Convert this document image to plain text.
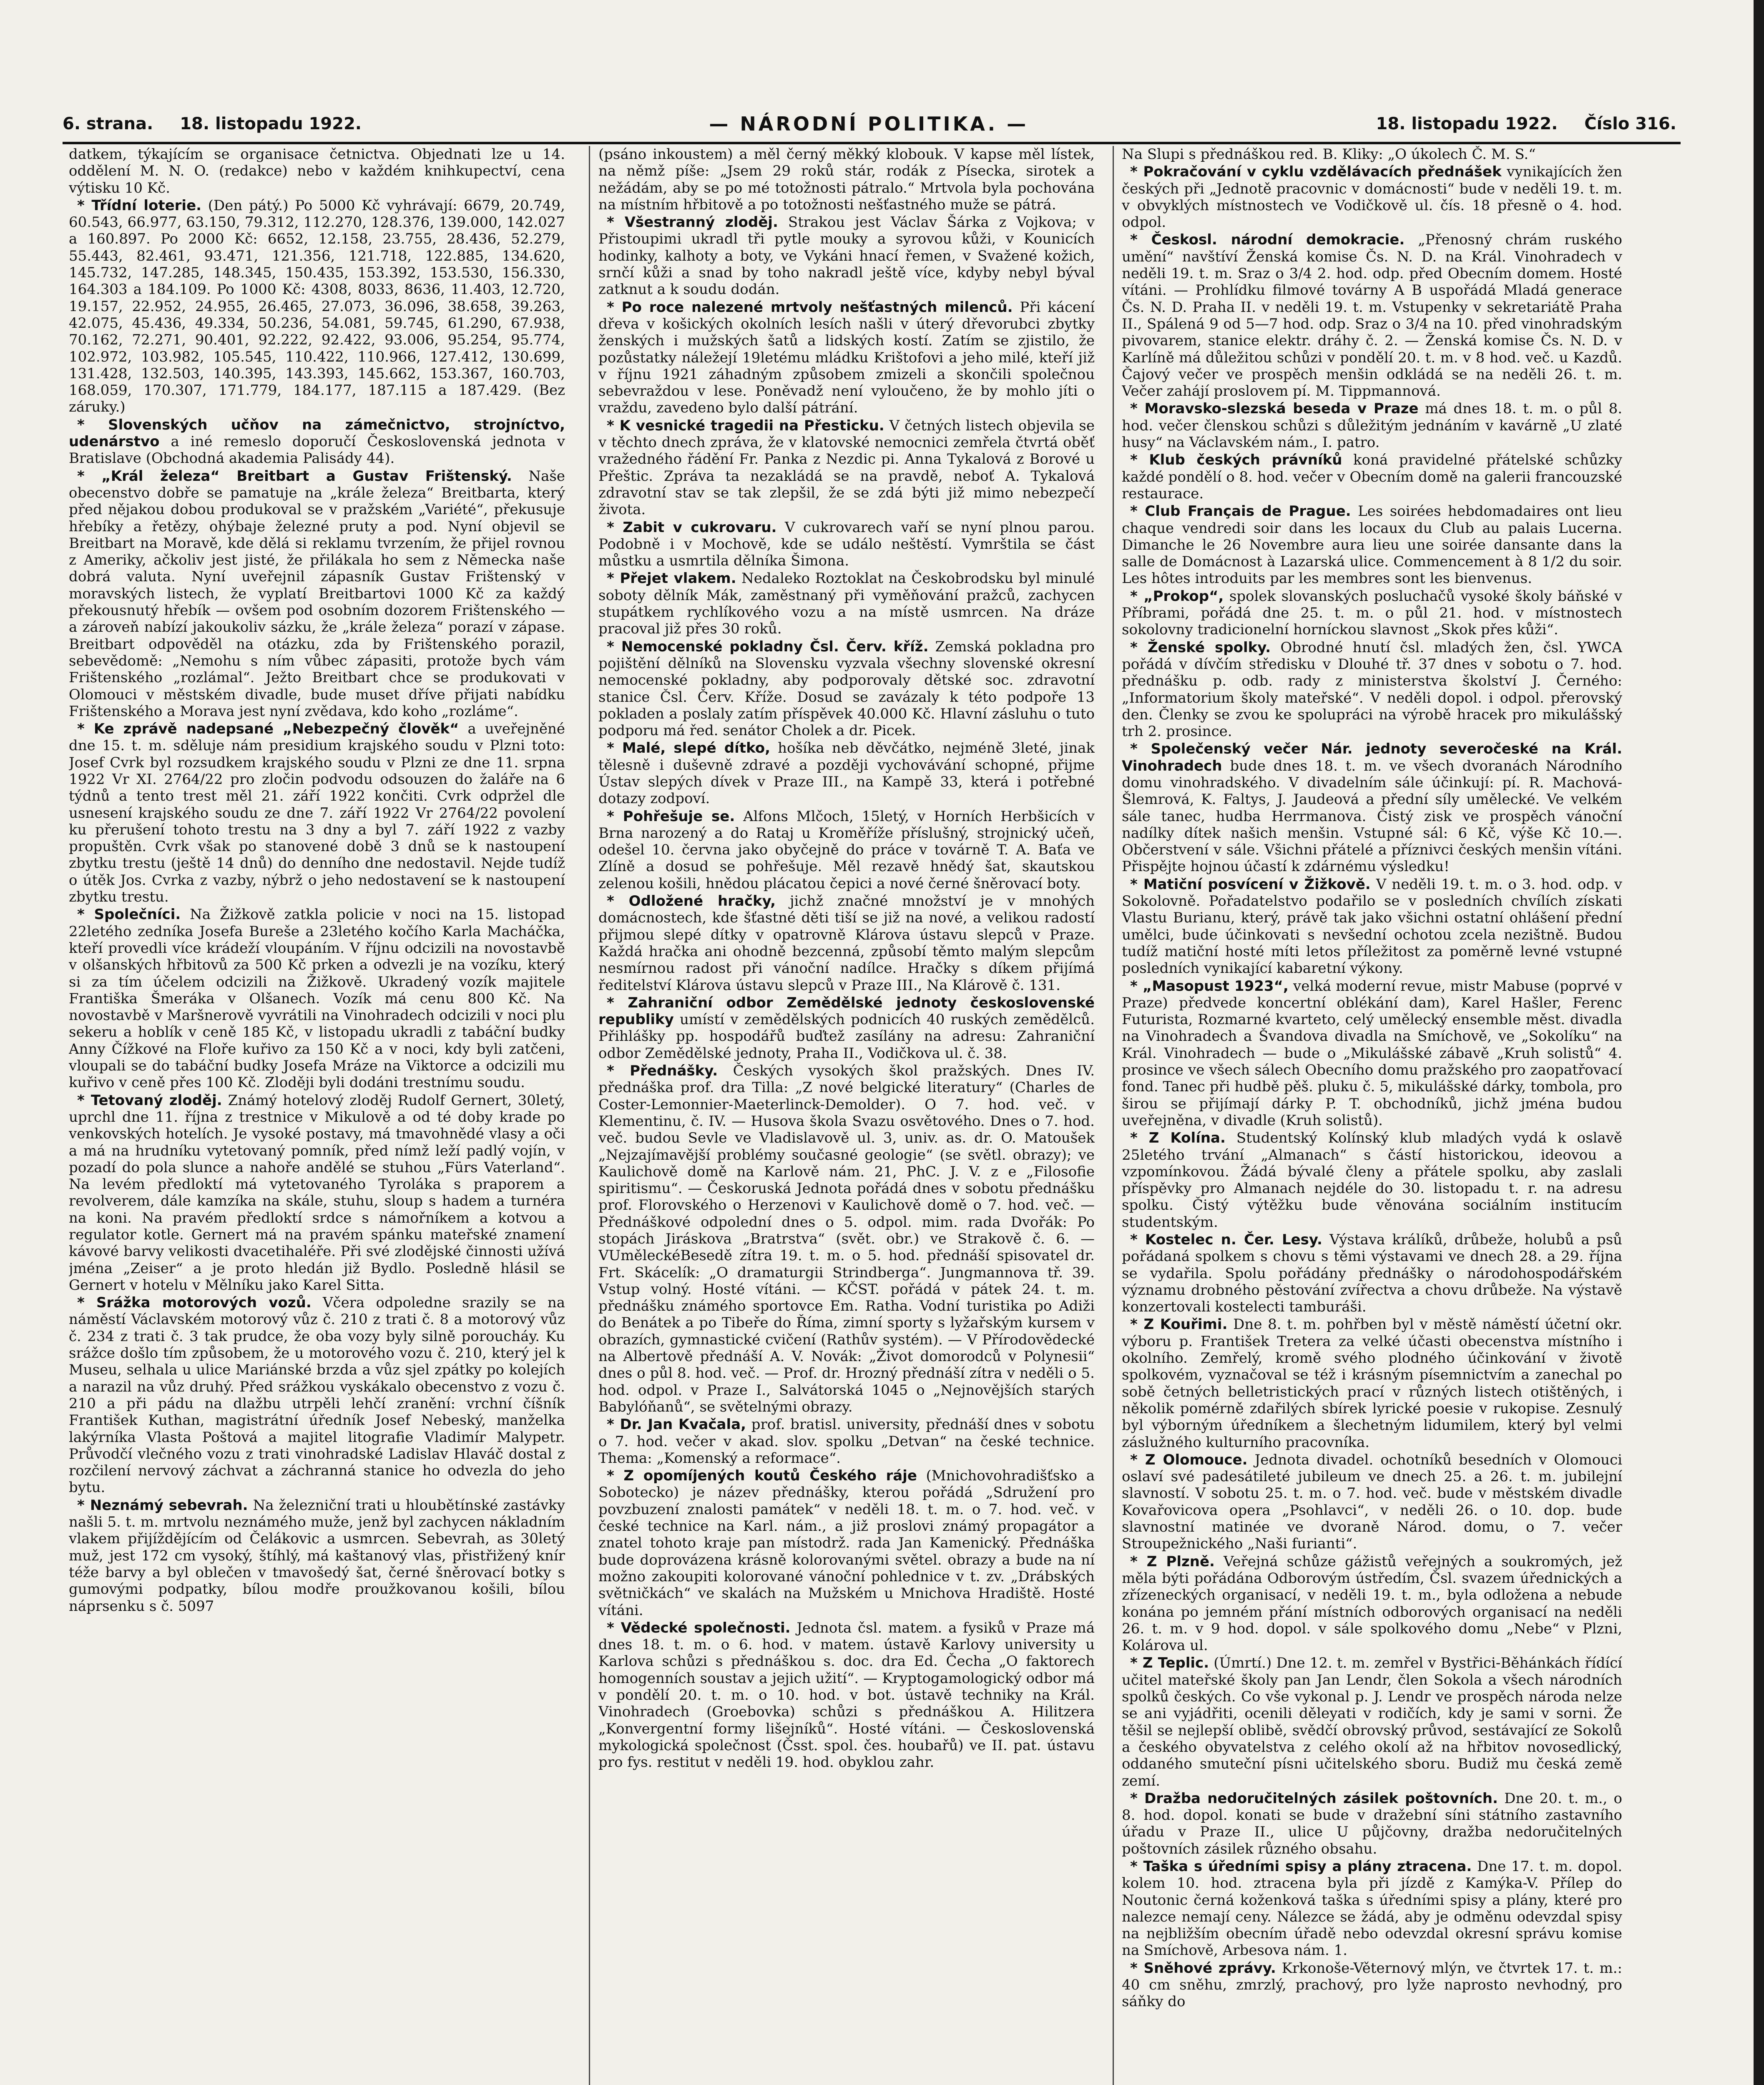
6. strana. 18. listopadu 1922.	— NÁRODNÍ POLITIKA. —	18. listopadu 1922. Číslo 316.

datkem, týkajícím se organisace četnictva. Objednati lze u 14. oddělení M. N. O. (redakce) nebo v každém knihkupectví, cena výtisku 10 Kč.

* Třídní loterie. (Den pátý.) Po 5000 Kč vyhrávají: 6679, 20.749, 60.543, 66.977, 63.150, 79.312, 112.270, 128.376, 139.000, 142.027 a 160.897. Po 2000 Kč: 6652, 12.158, 23.755, 28.436, 52.279, 55.443, 82.461, 93.471, 121.356, 121.718, 122.885, 134.620, 145.732, 147.285, 148.345, 150.435, 153.392, 153.530, 156.330, 164.303 a 184.109. Po 1000 Kč: 4308, 8033, 8636, 11.403, 12.720, 19.157, 22.952, 24.955, 26.465, 27.073, 36.096, 38.658, 39.263, 42.075, 45.436, 49.334, 50.236, 54.081, 59.745, 61.290, 67.938, 70.162, 72.271, 90.401, 92.222, 92.422, 93.006, 95.254, 95.774, 102.972, 103.982, 105.545, 110.422, 110.966, 127.412, 130.699, 131.428, 132.503, 140.395, 143.393, 145.662, 153.367, 160.703, 168.059, 170.307, 171.779, 184.177, 187.115 a 187.429. (Bez záruky.)

* Slovenských učňov na zámečnictvo, strojníctvo, udenárstvo a iné remeslo doporučí Československá jednota v Bratislave (Obchodná akademia Palisády 44).

* „Král železa“ Breitbart a Gustav Frištenský. Naše obecenstvo dobře se pamatuje na „krále železa“ Breitbarta, který před nějakou dobou produkoval se v pražském „Variété“, překusuje hřebíky a řetězy, ohýbaje železné pruty a pod. Nyní objevil se Breitbart na Moravě, kde dělá si reklamu tvrzením, že přijel rovnou z Ameriky, ačkoliv jest jisté, že přilákala ho sem z Německa naše dobrá valuta. Nyní uveřejnil zápasník Gustav Frištenský v moravských listech, že vyplatí Breitbartovi 1000 Kč za každý překousnutý hřebík — ovšem pod osobním dozorem Frištenského — a zároveň nabízí jakoukoliv sázku, že „krále železa“ porazí v zápase. Breitbart odpověděl na otázku, zda by Frištenského porazil, sebevědomě: „Nemohu s ním vůbec zápasiti, protože bych vám Frištenského „rozlámal“. Ježto Breitbart chce se produkovati v Olomouci v městském divadle, bude muset dříve přijati nabídku Frištenského a Morava jest nyní zvědava, kdo koho „rozláme“.

* Ke zprávě nadepsané „Nebezpečný člověk“ a uveřejněné dne 15. t. m. sděluje nám presidium krajského soudu v Plzni toto: Josef Cvrk byl rozsudkem krajského soudu v Plzni ze dne 11. srpna 1922 Vr XI. 2764/22 pro zločin podvodu odsouzen do žaláře na 6 týdnů a tento trest měl 21. září 1922 končiti. Cvrk odpržel dle usnesení krajského soudu ze dne 7. září 1922 Vr 2764/22 povolení ku přerušení tohoto trestu na 3 dny a byl 7. září 1922 z vazby propuštěn. Cvrk však po stanovené době 3 dnů se k nastoupení zbytku trestu (ještě 14 dnů) do denního dne nedostavil. Nejde tudíž o útěk Jos. Cvrka z vazby, nýbrž o jeho nedostavení se k nastoupení zbytku trestu.

* Společníci. Na Žižkově zatkla policie v noci na 15. listopad 22letého zedníka Josefa Bureše a 23letého kočího Karla Macháčka, kteří provedli více krádeží vloupáním. V říjnu odcizili na novostavbě v olšanských hřbitovů za 500 Kč prken a odvezli je na vozíku, který si za tím účelem odcizili na Žižkově. Ukradený vozík majitele Františka Šmeráka v Olšanech. Vozík má cenu 800 Kč. Na novostavbě v Maršnerově vyvrátili na Vinohradech odcizili v noci plu sekeru a hoblík v ceně 185 Kč, v listopadu ukradli z tabáční budky Anny Čížkové na Floře kuřivo za 150 Kč a v noci, kdy byli zatčeni, vloupali se do tabáční budky Josefa Mráze na Viktorce a odcizili mu kuřivo v ceně přes 100 Kč. Zloději byli dodáni trestnímu soudu.

* Tetovaný zloděj. Známý hotelový zloděj Rudolf Gernert, 30letý, uprchl dne 11. října z trestnice v Mikulově a od té doby krade po venkovských hotelích. Je vysoké postavy, má tmavohnědé vlasy a oči a má na hrudníku vytetovaný pomník, před nímž leží padlý vojín, v pozadí do pola slunce a nahoře andělé se stuhou „Fürs Vaterland“. Na levém předloktí má vytetovaného Tyroláka s praporem a revolverem, dále kamzíka na skále, stuhu, sloup s hadem a turnéra na koni. Na pravém předloktí srdce s námořníkem a kotvou a regulator kotle. Gernert má na pravém spánku mateřské znamení kávové barvy velikosti dvacetihaléře. Při své zlodějské činnosti užívá jména „Zeiser“ a je proto hledán již Bydlo. Posledně hlásil se Gernert v hotelu v Mělníku jako Karel Sitta.

* Srážka motorových vozů. Včera odpoledne srazily se na náměstí Václavském motorový vůz č. 210 z trati č. 8 a motorový vůz č. 234 z trati č. 3 tak prudce, že oba vozy byly silně poroucháy. Ku srážce došlo tím způsobem, že u motorového vozu č. 210, který jel k Museu, selhala u ulice Mariánské brzda a vůz sjel zpátky po kolejích a narazil na vůz druhý. Před srážkou vyskákalo obecenstvo z vozu č. 210 a při pádu na dlažbu utrpěli lehčí zranění: vrchní číšník František Kuthan, magistrátní úředník Josef Nebeský, manželka lakýrníka Vlasta Poštová a majitel litografie Vladimír Malypetr. Průvodčí vlečného vozu z trati vinohradské Ladislav Hlaváč dostal z rozčilení nervový záchvat a záchranná stanice ho odvezla do jeho bytu.

* Neznámý sebevrah. Na železniční trati u hloubětínské zastávky našli 5. t. m. mrtvolu neznámého muže, jenž byl zachycen nákladním vlakem přijíždějícím od Čelákovic a usmrcen. Sebevrah, as 30letý muž, jest 172 cm vysoký, štíhlý, má kaštanový vlas, přistřižený knír téže barvy a byl oblečen v tmavošedý šat, černé šněrovací botky s gumovými podpatky, bílou modře proužkovanou košili, bílou náprsenku s č. 5097

(psáno inkoustem) a měl černý měkký klobouk. V kapse měl lístek, na němž píše: „Jsem 29 roků stár, rodák z Písecka, sirotek a nežádám, aby se po mé totožnosti pátralo.“ Mrtvola byla pochována na místním hřbitově a po totožnosti nešťastného muže se pátrá.

* Všestranný zloděj. Strakou jest Václav Šárka z Vojkova; v Přistoupimi ukradl tři pytle mouky a syrovou kůži, v Kounicích hodinky, kalhoty a boty, ve Vykáni hnací řemen, v Svažené kožich, srnčí kůži a snad by toho nakradl ještě více, kdyby nebyl býval zatknut a k soudu dodán.

* Po roce nalezené mrtvoly nešťastných milenců. Při kácení dřeva v košických okolních lesích našli v úterý dřevorubci zbytky ženských i mužských šatů a lidských kostí. Zatím se zjistilo, že pozůstatky náležejí 19letému mládku Krištofovi a jeho milé, kteří již v říjnu 1921 záhadným způsobem zmizeli a skončili společnou sebevraždou v lese. Poněvadž není vyloučeno, že by mohlo jíti o vraždu, zavedeno bylo další pátrání.

* K vesnické tragedii na Přesticku. V četných listech objevila se v těchto dnech zpráva, že v klatovské nemocnici zemřela čtvrtá oběť vražedného řádění Fr. Panka z Nezdic pi. Anna Tykalová z Borové u Přeštic. Zpráva ta nezakládá se na pravdě, neboť A. Tykalová zdravotní stav se tak zlepšil, že se zdá býti již mimo nebezpečí života.

* Zabit v cukrovaru. V cukrovarech vaří se nyní plnou parou. Podobně i v Mochově, kde se událo neštěstí. Vymrštila se část můstku a usmrtila dělníka Šimona.

* Přejet vlakem. Nedaleko Roztoklat na Českobrodsku byl minulé soboty dělník Mák, zaměstnaný při vyměňování pražců, zachycen stupátkem rychlíkového vozu a na místě usmrcen. Na dráze pracoval již přes 30 roků.

* Nemocenské pokladny Čsl. Červ. kříž. Zemská pokladna pro pojištění dělníků na Slovensku vyzvala všechny slovenské okresní nemocenské pokladny, aby podporovaly dětské soc. zdravotní stanice Čsl. Červ. Kříže. Dosud se zavázaly k této podpoře 13 pokladen a poslaly zatím příspěvek 40.000 Kč. Hlavní zásluhu o tuto podporu má řed. senátor Cholek a dr. Picek.

* Malé, slepé dítko, hošíka neb děvčátko, nejméně 3leté, jinak tělesně i duševně zdravé a později vychovávání schopné, přijme Ústav slepých dívek v Praze III., na Kampě 33, která i potřebné dotazy zodpoví.

* Pohřešuje se. Alfons Mlčoch, 15letý, v Horních Herbšicích v Brna narozený a do Rataj u Kroměříže příslušný, strojnický učeň, odešel 10. června jako obyčejně do práce v továrně T. A. Baťa ve Zlíně a dosud se pohřešuje. Měl rezavě hnědý šat, skautskou zelenou košili, hnědou plácatou čepici a nové černé šněrovací boty.

* Odložené hračky, jichž značné množství je v mnohých domácnostech, kde šťastné děti tiší se již na nové, a velikou radostí přijmou slepé dítky v opatrovně Klárova ústavu slepců v Praze. Každá hračka ani ohodně bezcenná, způsobí těmto malým slepcům nesmírnou radost při vánoční nadílce. Hračky s díkem přijímá ředitelství Klárova ústavu slepců v Praze III., Na Klárově č. 131.

* Zahraniční odbor Zemědělské jednoty československé republiky umístí v zemědělských podnicích 40 ruských zemědělců. Přihlášky pp. hospodářů buďtež zasílány na adresu: Zahraniční odbor Zemědělské jednoty, Praha II., Vodičkova ul. č. 38.

* Přednášky. Českých vysokých škol pražských. Dnes IV. přednáška prof. dra Tilla: „Z nové belgické literatury“ (Charles de Coster-Lemonnier-Maeterlinck-Demolder). O 7. hod. več. v Klementinu, č. IV. — Husova škola Svazu osvětového. Dnes o 7. hod. več. budou Sevle ve Vladislavově ul. 3, univ. as. dr. O. Matoušek „Nejzajímavější problémy současné geologie“ (se světl. obrazy); ve Kaulichově domě na Karlově nám. 21, PhC. J. V. z e „Filosofie spiritismu“. — Českoruská Jednota pořádá dnes v sobotu přednášku prof. Florovského o Herzenovi v Kaulichově domě o 7. hod. več. — Přednáškové odpolední dnes o 5. odpol. mim. rada Dvořák: Po stopách Jiráskova „Bratrstva“ (svět. obr.) ve Strakově č. 6. — VUměleckéBesedě zítra 19. t. m. o 5. hod. přednáší spisovatel dr. Frt. Skácelík: „O dramaturgii Strindberga“. Jungmannova tř. 39. Vstup volný. Hosté vítáni. — KČST. pořádá v pátek 24. t. m. přednášku známého sportovce Em. Ratha. Vodní turistika po Adiži do Benátek a po Tibeře do Říma, zimní sporty s lyžařským kursem v obrazích, gymnastické cvičení (Rathův systém). — V Přírodovědecké na Albertově přednáší A. V. Novák: „Život domorodců v Polynesii“ dnes o půl 8. hod. več. — Prof. dr. Hrozný přednáší zítra v neděli o 5. hod. odpol. v Praze I., Salvátorská 1045 o „Nejnovějších starých Babylóňanů“, se světelnými obrazy.

* Dr. Jan Kvačala, prof. bratisl. university, přednáší dnes v sobotu o 7. hod. večer v akad. slov. spolku „Detvan“ na české technice. Thema: „Komenský a reformace“.

* Z opomíjených koutů Českého ráje (Mnichovohradišťsko a Sobotecko) je název přednášky, kterou pořádá „Sdružení pro povzbuzení znalosti památek“ v neděli 18. t. m. o 7. hod. več. v české technice na Karl. nám., a již proslovi známý propagátor a znatel tohoto kraje pan místodrž. rada Jan Kamenický. Přednáška bude doprovázena krásně kolorovanými světel. obrazy a bude na ní možno zakoupiti kolorované vánoční pohlednice v t. zv. „Drábských světničkách“ ve skalách na Mužském u Mnichova Hradiště. Hosté vítáni.

* Vědecké společnosti. Jednota čsl. matem. a fysiků v Praze má dnes 18. t. m. o 6. hod. v matem. ústavě Karlovy university u Karlova schůzi s přednáškou s. doc. dra Ed. Čecha „O faktorech homogenních soustav a jejich užití“. — Kryptogamologický odbor má v pondělí 20. t. m. o 10. hod. v bot. ústavě techniky na Král. Vinohradech (Groebovka) schůzi s přednáškou A. Hilitzera „Konvergentní formy lišejníků“. Hosté vítáni. — Československá mykologická společnost (Čsst. spol. čes. houbařů) ve II. pat. ústavu pro fys. restitut v neděli 19. hod. obyklou zahr.

Na Slupi s přednáškou red. B. Kliky: „O úkolech Č. M. S.“

* Pokračování v cyklu vzdělávacích přednášek vynikajících žen českých při „Jednotě pracovnic v domácnosti“ bude v neděli 19. t. m. v obvyklých místnostech ve Vodičkově ul. čís. 18 přesně o 4. hod. odpol.

* Českosl. národní demokracie. „Přenosný chrám ruského umění“ navštíví Ženská komise Čs. N. D. na Král. Vinohradech v neděli 19. t. m. Sraz o 3/4 2. hod. odp. před Obecním domem. Hosté vítáni. — Prohlídku filmové továrny A B uspořádá Mladá generace Čs. N. D. Praha II. v neděli 19. t. m. Vstupenky v sekretariátě Praha II., Spálená 9 od 5—7 hod. odp. Sraz o 3/4 na 10. před vinohradským pivovarem, stanice elektr. dráhy č. 2. — Ženská komise Čs. N. D. v Karlíně má důležitou schůzi v pondělí 20. t. m. v 8 hod. več. u Kazdů. Čajový večer ve prospěch menšin odkládá se na neděli 26. t. m. Večer zahájí proslovem pí. M. Tippmannová.

* Moravsko-slezská beseda v Praze má dnes 18. t. m. o půl 8. hod. večer členskou schůzi s důležitým jednáním v kavárně „U zlaté husy“ na Václavském nám., I. patro.

* Klub českých právníků koná pravidelné přátelské schůzky každé pondělí o 8. hod. večer v Obecním domě na galerii francouzské restaurace.

* Club Français de Prague. Les soirées hebdomadaires ont lieu chaque vendredi soir dans les locaux du Club au palais Lucerna. Dimanche le 26 Novembre aura lieu une soirée dansante dans la salle de Domácnost à Lazarská ulice. Commencement à 8 1/2 du soir. Les hôtes introduits par les membres sont les bienvenus.

* „Prokop“, spolek slovanských posluchačů vysoké školy báňské v Příbrami, pořádá dne 25. t. m. o půl 21. hod. v místnostech sokolovny tradicionelní horníckou slavnost „Skok přes kůži“.

* Ženské spolky. Obrodné hnutí čsl. mladých žen, čsl. YWCA pořádá v dívčím středisku v Dlouhé tř. 37 dnes v sobotu o 7. hod. přednášku p. odb. rady z ministerstva školství J. Černého: „Informatorium školy mateřské“. V neděli dopol. i odpol. přerovský den. Členky se zvou ke spolupráci na výrobě hracek pro mikulášský trh 2. prosince.

* Společenský večer Nár. jednoty severočeské na Král. Vinohradech bude dnes 18. t. m. ve všech dvoranách Národního domu vinohradského. V divadelním sále účinkují: pí. R. Machová-Šlemrová, K. Faltys, J. Jaudeová a přední síly umělecké. Ve velkém sále tanec, hudba Herrmanova. Čistý zisk ve prospěch vánoční nadílky dítek našich menšin. Vstupné sál: 6 Kč, výše Kč 10.—. Občerstvení v sále. Všichni přátelé a příznivci českých menšin vítáni. Přispějte hojnou účastí k zdárnému výsledku!

* Matiční posvícení v Žižkově. V neděli 19. t. m. o 3. hod. odp. v Sokolovně. Pořadatelstvo podařilo se v posledních chvílích získati Vlastu Burianu, který, právě tak jako všichni ostatní ohlášení přední umělci, bude účinkovati s nevšední ochotou zcela nezištně. Budou tudíž matiční hosté míti letos příležitost za poměrně levné vstupné posledních vynikající kabaretní výkony.

* „Masopust 1923“, velká moderní revue, mistr Mabuse (poprvé v Praze) předvede koncertní oblékání dam), Karel Hašler, Ferenc Futurista, Rozmarné kvarteto, celý umělecký ensemble měst. divadla na Vinohradech a Švandova divadla na Smíchově, ve „Sokolíku“ na Král. Vinohradech — bude o „Mikulášské zábavě „Kruh solistů“ 4. prosince ve všech sálech Obecního domu pražského pro zaopatřovací fond. Tanec při hudbě pěš. pluku č. 5, mikulášské dárky, tombola, pro širou se přijímají dárky P. T. obchodníků, jichž jména budou uveřejněna, v divadle (Kruh solistů).

* Z Kolína. Studentský Kolínský klub mladých vydá k oslavě 25letého trvání „Almanach“ s částí historickou, ideovou a vzpomínkovou. Žádá bývalé členy a přátele spolku, aby zaslali příspěvky pro Almanach nejdéle do 30. listopadu t. r. na adresu spolku. Čistý výtěžku bude věnována sociálním institucím studentským.

* Kostelec n. Čer. Lesy. Výstava králíků, drůbeže, holubů a psů pořádaná spolkem s chovu s těmi výstavami ve dnech 28. a 29. října se vydařila. Spolu pořádány přednášky o národohospodářském významu drobného pěstování zvířectva a chovu drůbeže. Na výstavě konzertovali kostelecti tamburáši.

* Z Kouřimi. Dne 8. t. m. pohřben byl v městě náměstí účetní okr. výboru p. František Tretera za velké účasti obecenstva místního i okolního. Zemřelý, kromě svého plodného účinkování v životě spolkovém, vyznačoval se též i krásným písemnictvím a zanechal po sobě četných belletristických prací v různých listech otištěných, i několik pomérně zdařilých sbírek lyrické poesie v rukopise. Zesnulý byl výborným úředníkem a šlechetným lidumilem, který byl velmi záslužného kulturního pracovníka.

* Z Olomouce. Jednota divadel. ochotníků besedních v Olomouci oslaví své padesátileté jubileum ve dnech 25. a 26. t. m. jubilejní slavností. V sobotu 25. t. m. o 7. hod. več. bude v městském divadle Kovařovicova opera „Psohlavci“, v neděli 26. o 10. dop. bude slavnostní matinée ve dvoraně Národ. domu, o 7. večer Stroupežnického „Naši furianti“.

* Z Plzně. Veřejná schůze gážistů veřejných a soukromých, jež měla býti pořádána Odborovým ústředím, Čsl. svazem úřednických a zřízeneckých organisací, v neděli 19. t. m., byla odložena a nebude konána po jemném přání místních odborových organisací na neděli 26. t. m. v 9 hod. dopol. v sále spolkového domu „Nebe“ v Plzni, Kolárova ul.

* Z Teplic. (Úmrtí.) Dne 12. t. m. zemřel v Bystřici-Běhánkách řídící učitel mateřské školy pan Jan Lendr, člen Sokola a všech národních spolků českých. Co vše vykonal p. J. Lendr ve prospěch národa nelze se ani vyjádřiti, ocenili děleyati v rodičích, kdy je sami v sorni. Že těšil se nejlepší oblibě, svědčí obrovský průvod, sestávající ze Sokolů a českého obyvatelstva z celého okolí až na hřbitov novosedlický, oddaného smuteční písni učitelského sboru. Budiž mu česká země zemí.

* Dražba nedoručitelných zásilek poštovních. Dne 20. t. m., o 8. hod. dopol. konati se bude v dražební síni státního zastavního úřadu v Praze II., ulice U půjčovny, dražba nedoručitelných poštovních zásilek různého obsahu.

* Taška s úředními spisy a plány ztracena. Dne 17. t. m. dopol. kolem 10. hod. ztracena byla při jízdě z Kamýka-V. Přílep do Noutonic černá koženková taška s úředními spisy a plány, které pro nalezce nemají ceny. Nálezce se žádá, aby je odměnu odevzdal spisy na nejbližším obecním úřadě nebo odevzdal okresní správu komise na Smíchově, Arbesova nám. 1.

* Sněhové zprávy. Krkonoše-Věternový mlýn, ve čtvrtek 17. t. m.: 40 cm sněhu, zmrzlý, prachový, pro lyže naprosto nevhodný, pro sáňky do
